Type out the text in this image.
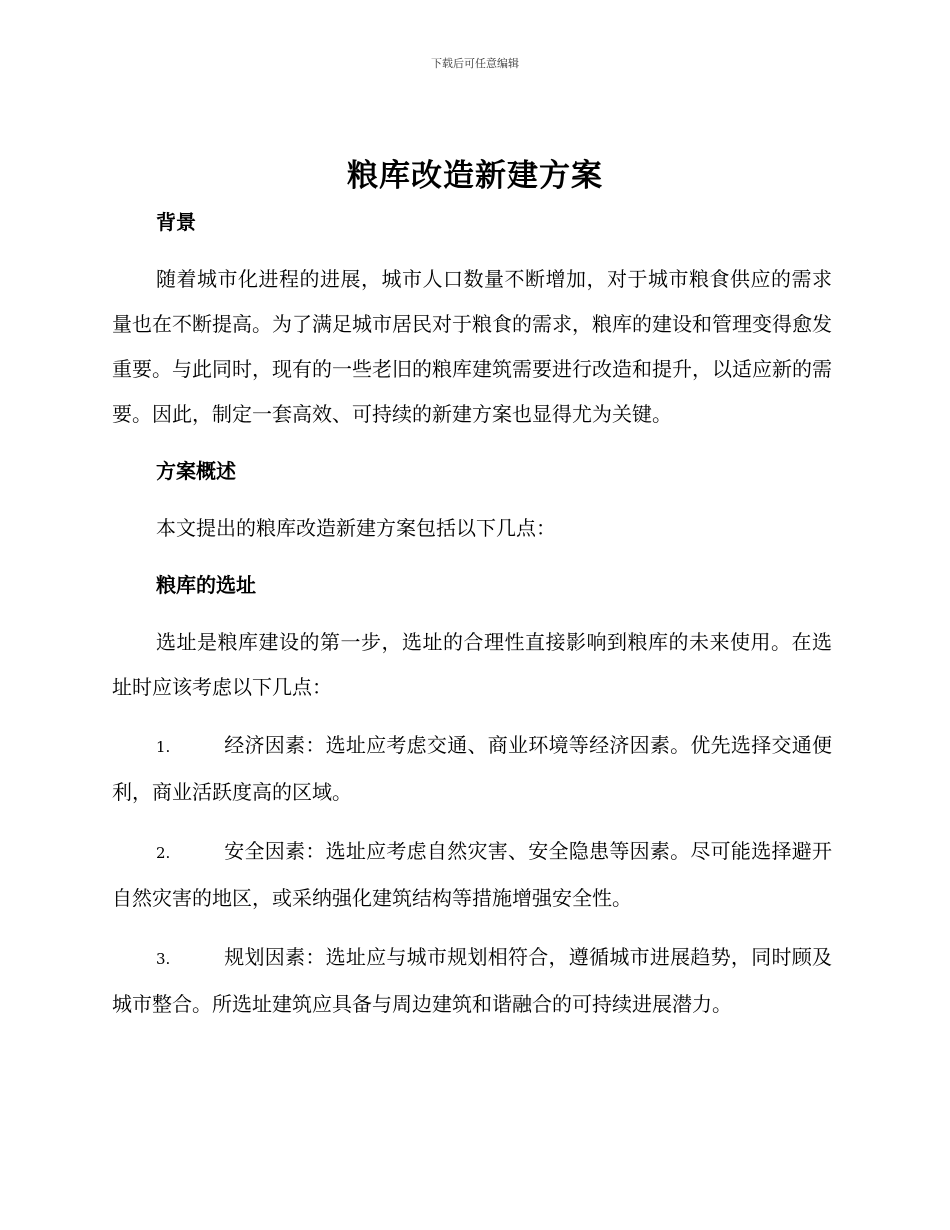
下载后可任意编辑
粮库改造新建方案

背景

随着城市化进程的进展，城市人口数量不断增加，对于城市粮食供应的需求量也在不断提高。为了满足城市居民对于粮食的需求，粮库的建设和管理变得愈发重要。与此同时，现有的一些老旧的粮库建筑需要进行改造和提升，以适应新的需要。因此，制定一套高效、可持续的新建方案也显得尤为关键。

方案概述

本文提出的粮库改造新建方案包括以下几点：

粮库的选址

选址是粮库建设的第一步，选址的合理性直接影响到粮库的未来使用。在选址时应该考虑以下几点：

1.	经济因素：选址应考虑交通、商业环境等经济因素。优先选择交通便利，商业活跃度高的区域。

2.	安全因素：选址应考虑自然灾害、安全隐患等因素。尽可能选择避开自然灾害的地区，或采纳强化建筑结构等措施增强安全性。

3.	规划因素：选址应与城市规划相符合，遵循城市进展趋势，同时顾及城市整合。所选址建筑应具备与周边建筑和谐融合的可持续进展潜力。
